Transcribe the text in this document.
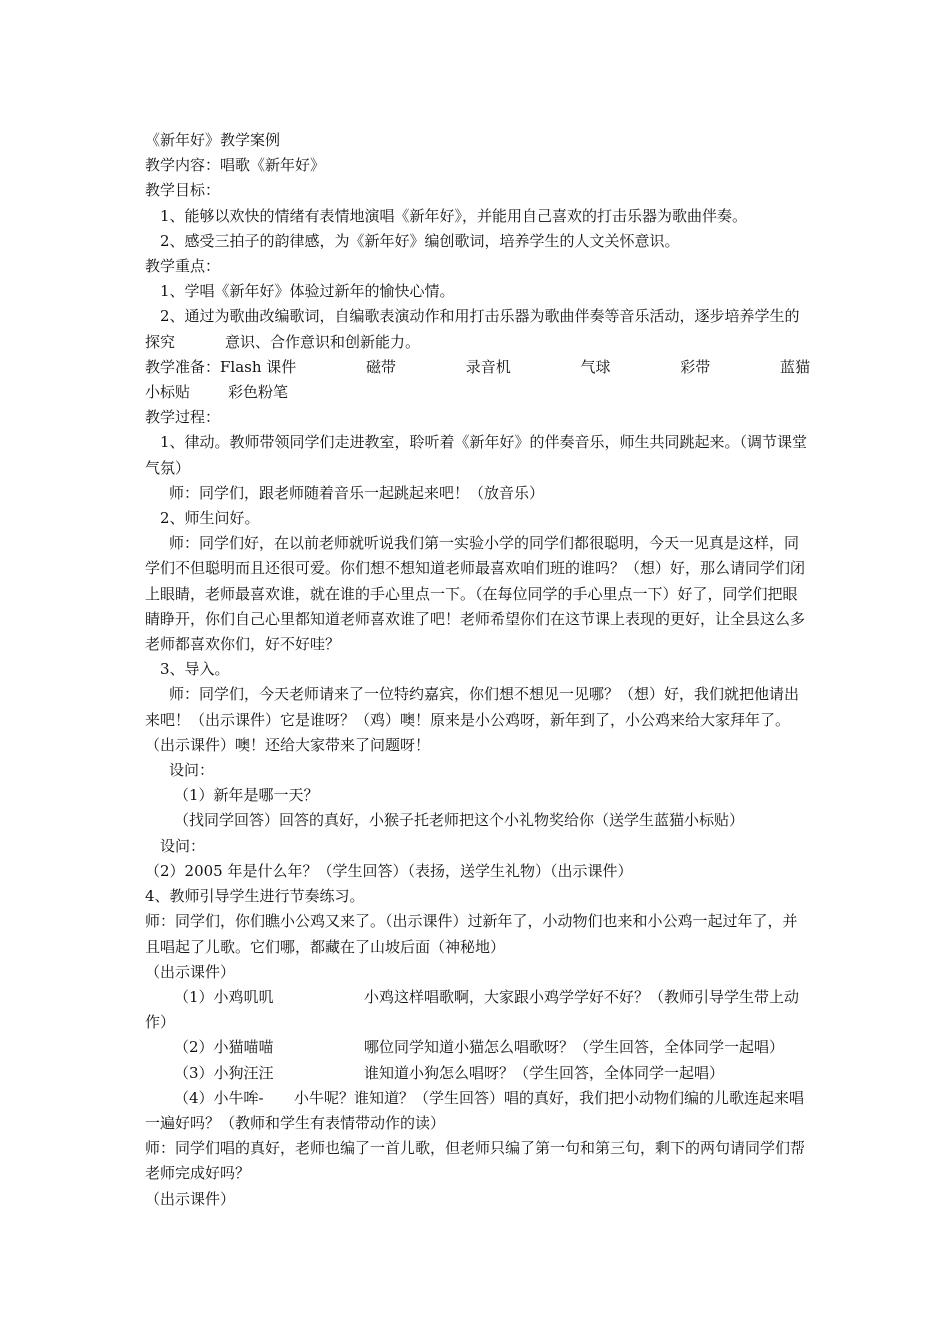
《新年好》教学案例

教学内容：唱歌《新年好》

教学目标：

1、能够以欢快的情绪有表情地演唱《新年好》，并能用自己喜欢的打击乐器为歌曲伴奏。

2、感受三拍子的韵律感，为《新年好》编创歌词，培养学生的人文关怀意识。

教学重点：

1、学唱《新年好》体验过新年的愉快心情。

2、通过为歌曲改编歌词，自编歌表演动作和用打击乐器为歌曲伴奏等音乐活动，逐步培养学生的探究	意识、合作意识和创新能力。

教学准备：Flash 课件	磁带	录音机	气球	彩带	蓝猫

小标贴	彩色粉笔

教学过程：

1、律动。教师带领同学们走进教室，聆听着《新年好》的伴奏音乐，师生共同跳起来。（调节课堂气氛）

师：同学们，跟老师随着音乐一起跳起来吧！（放音乐）

2、师生问好。

师：同学们好，在以前老师就听说我们第一实验小学的同学们都很聪明，今天一见真是这样，同学们不但聪明而且还很可爱。你们想不想知道老师最喜欢咱们班的谁吗？（想）好，那么请同学们闭上眼睛，老师最喜欢谁，就在谁的手心里点一下。（在每位同学的手心里点一下）好了，同学们把眼睛睁开，你们自己心里都知道老师喜欢谁了吧！老师希望你们在这节课上表现的更好，让全县这么多老师都喜欢你们，好不好哇？

3、导入。

师：同学们，今天老师请来了一位特约嘉宾，你们想不想见一见哪？（想）好，我们就把他请出来吧！（出示课件）它是谁呀？（鸡）噢！原来是小公鸡呀，新年到了，小公鸡来给大家拜年了。（出示课件）噢！还给大家带来了问题呀！

设问：

（1）新年是哪一天？

（找同学回答）回答的真好，小猴子托老师把这个小礼物奖给你（送学生蓝猫小标贴）

设问：

（2）2005 年是什么年？（学生回答）（表扬，送学生礼物）（出示课件）

4、教师引导学生进行节奏练习。

师：同学们，你们瞧小公鸡又来了。（出示课件）过新年了，小动物们也来和小公鸡一起过年了，并且唱起了儿歌。它们哪，都藏在了山坡后面（神秘地）

（出示课件）

（1）小鸡叽叽	小鸡这样唱歌啊，大家跟小鸡学学好不好？（教师引导学生带上动作）

（2）小猫喵喵	哪位同学知道小猫怎么唱歌呀？（学生回答，全体同学一起唱）

（3）小狗汪汪	谁知道小狗怎么唱呀？（学生回答，全体同学一起唱）

（4）小牛哞- 小牛呢？谁知道？（学生回答）唱的真好，我们把小动物们编的儿歌连起来唱一遍好吗？（教师和学生有表情带动作的读）

师：同学们唱的真好，老师也编了一首儿歌，但老师只编了第一句和第三句，剩下的两句请同学们帮老师完成好吗？

（出示课件）
